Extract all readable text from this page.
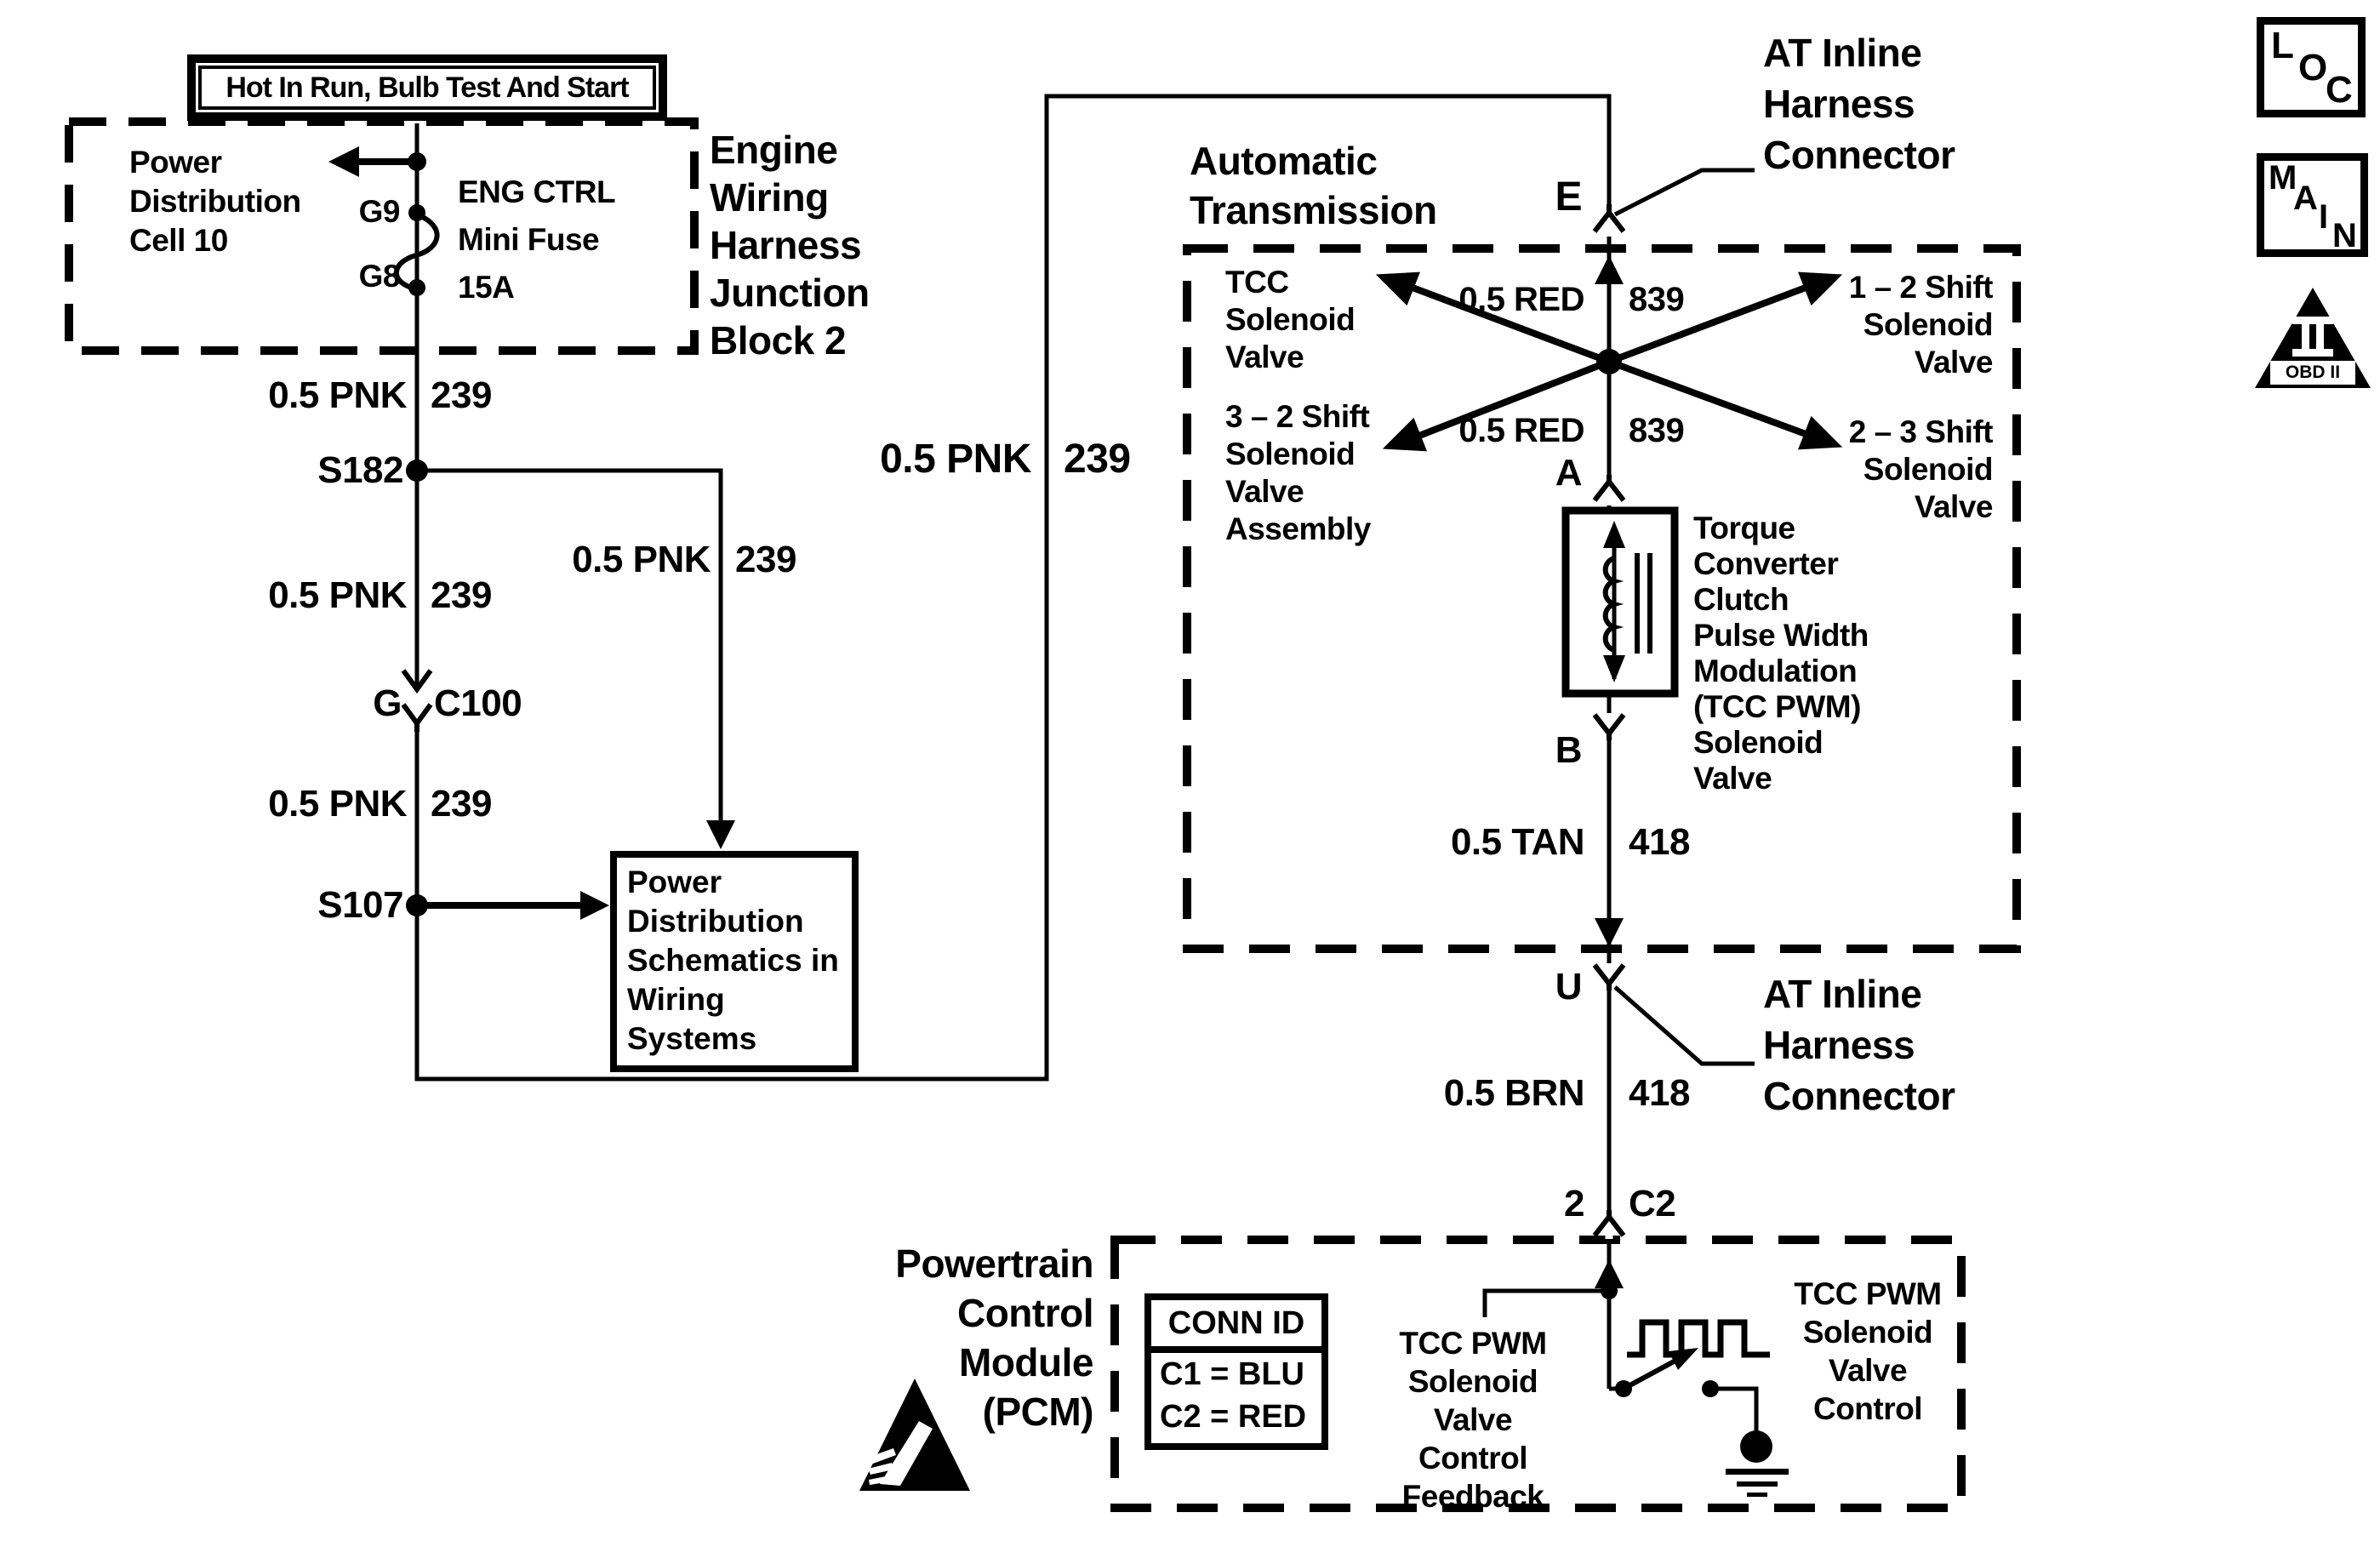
Hot In Run, Bulb Test And Start
Engine
Wiring
Harness
Junction
Block 2
Power
Distribution
Cell 10
G9
G8
ENG CTRL
Mini Fuse
15A
0.5 PNK 239
0.5 PNK 239
0.5 PNK 239
0.5 PNK 239
0.5 PNK 239
S182
S107
G C100
Power
Distribution
Schematics in
Wiring Systems
AT Inline
Harness
Connector
E
Automatic
Transmission
TCC
Solenoid
Valve
1 – 2 Shift
Solenoid
Valve
3 – 2 Shift
Solenoid
Valve
Assembly
2 – 3 Shift
Solenoid
Valve
0.5 RED 839
0.5 RED 839
A
B
Torque
Converter
Clutch
Pulse Width
Modulation
(TCC PWM)
Solenoid
Valve
0.5 TAN 418
U	AT Inline
Harness
Connector
0.5 BRN 418
2 C2
Powertrain
Control
Module
(PCM)
CONN ID
C1 = BLU
C2 = RED
TCC PWM
Solenoid
Valve
Control
Feedback
TCC PWM
Solenoid
Valve
Control
L
O
C
M
A I N
OBD II
